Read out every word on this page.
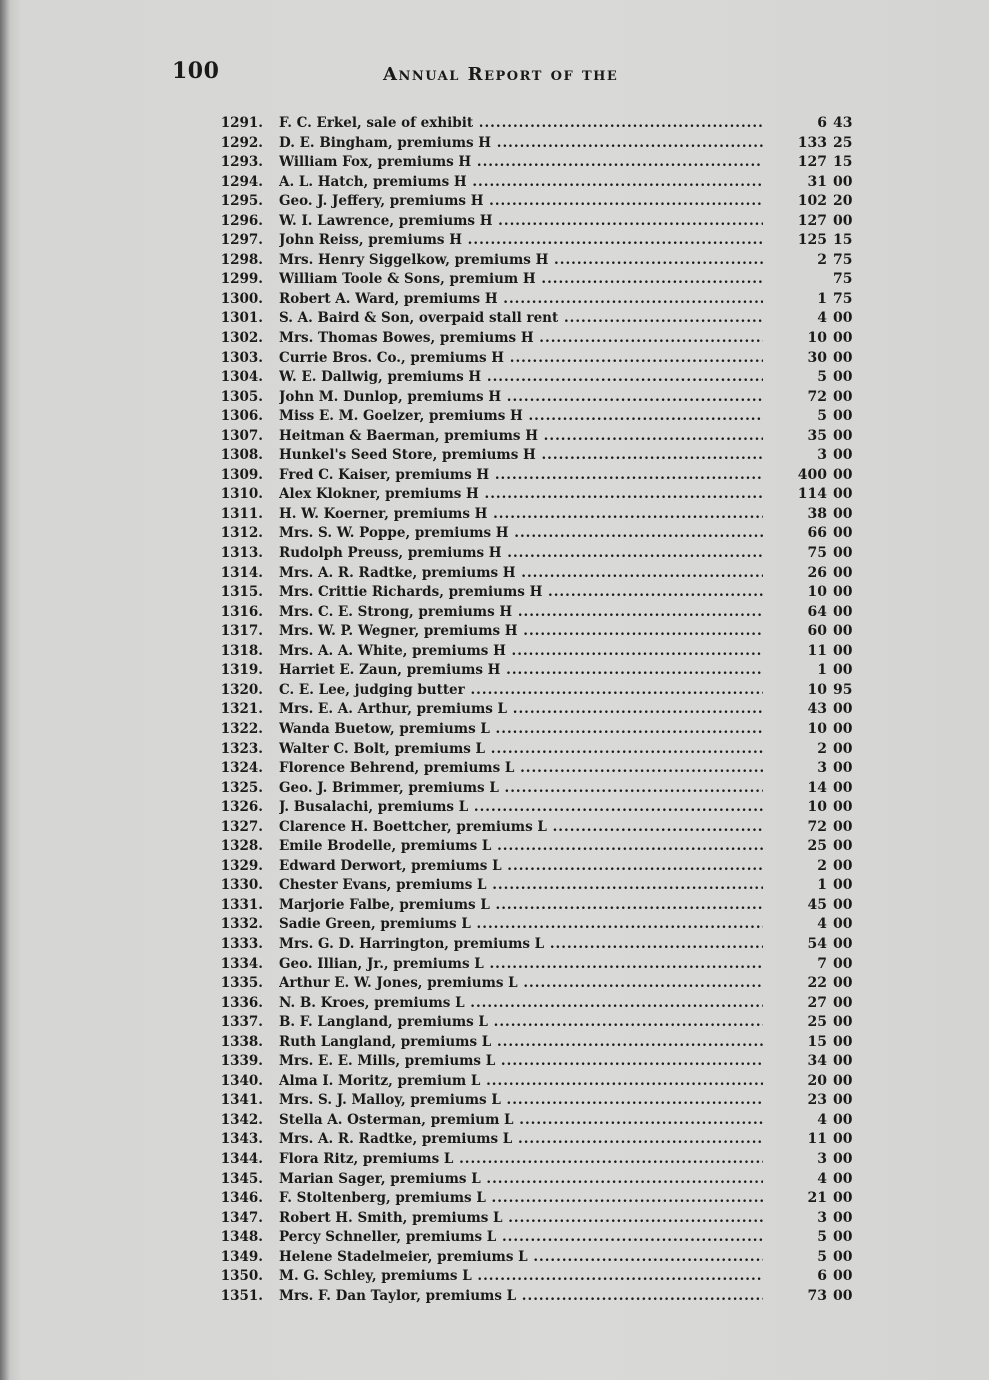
100	Annual Report of the
1291. F. C. Erkel, sale of exhibit .....	6 43
1292. D. E. Bingham, premiums H .....	133 25
1293. William Fox, premiums H .....	127 15
1294. A. L. Hatch, premiums H .....	31 00
1295. Geo. J. Jeffery, premiums H .....	102 20
1296. W. I. Lawrence, premiums H .....	127 00
1297. John Reiss, premiums H .....	125 15
1298. Mrs. Henry Siggelkow, premiums H .....	2 75
1299. William Toole & Sons, premium H .....	75
1300. Robert A. Ward, premiums H .....	1 75
1301. S. A. Baird & Son, overpaid stall rent .....	4 00
1302. Mrs. Thomas Bowes, premiums H .....	10 00
1303. Currie Bros. Co., premiums H .....	30 00
1304. W. E. Dallwig, premiums H .....	5 00
1305. John M. Dunlop, premiums H .....	72 00
1306. Miss E. M. Goelzer, premiums H .....	5 00
1307. Heitman & Baerman, premiums H .....	35 00
1308. Hunkel's Seed Store, premiums H .....	3 00
1309. Fred C. Kaiser, premiums H .....	400 00
1310. Alex Klokner, premiums H .....	114 00
1311. H. W. Koerner, premiums H .....	38 00
1312. Mrs. S. W. Poppe, premiums H .....	66 00
1313. Rudolph Preuss, premiums H .....	75 00
1314. Mrs. A. R. Radtke, premiums H .....	26 00
1315. Mrs. Crittie Richards, premiums H .....	10 00
1316. Mrs. C. E. Strong, premiums H .....	64 00
1317. Mrs. W. P. Wegner, premiums H .....	60 00
1318. Mrs. A. A. White, premiums H .....	11 00
1319. Harriet E. Zaun, premiums H .....	1 00
1320. C. E. Lee, judging butter .....	10 95
1321. Mrs. E. A. Arthur, premiums L .....	43 00
1322. Wanda Buetow, premiums L .....	10 00
1323. Walter C. Bolt, premiums L .....	2 00
1324. Florence Behrend, premiums L .....	3 00
1325. Geo. J. Brimmer, premiums L .....	14 00
1326. J. Busalachi, premiums L .....	10 00
1327. Clarence H. Boettcher, premiums L .....	72 00
1328. Emile Brodelle, premiums L .....	25 00
1329. Edward Derwort, premiums L .....	2 00
1330. Chester Evans, premiums L .....	1 00
1331. Marjorie Falbe, premiums L .....	45 00
1332. Sadie Green, premiums L .....	4 00
1333. Mrs. G. D. Harrington, premiums L .....	54 00
1334. Geo. Illian, Jr., premiums L .....	7 00
1335. Arthur E. W. Jones, premiums L .....	22 00
1336. N. B. Kroes, premiums L .....	27 00
1337. B. F. Langland, premiums L .....	25 00
1338. Ruth Langland, premiums L .....	15 00
1339. Mrs. E. E. Mills, premiums L .....	34 00
1340. Alma I. Moritz, premium L .....	20 00
1341. Mrs. S. J. Malloy, premiums L .....	23 00
1342. Stella A. Osterman, premium L .....	4 00
1343. Mrs. A. R. Radtke, premiums L .....	11 00
1344. Flora Ritz, premiums L .....	3 00
1345. Marian Sager, premiums L .....	4 00
1346. F. Stoltenberg, premiums L .....	21 00
1347. Robert H. Smith, premiums L .....	3 00
1348. Percy Schneller, premiums L .....	5 00
1349. Helene Stadelmeier, premiums L .....	5 00
1350. M. G. Schley, premiums L .....	6 00
1351. Mrs. F. Dan Taylor, premiums L .....	73 00
